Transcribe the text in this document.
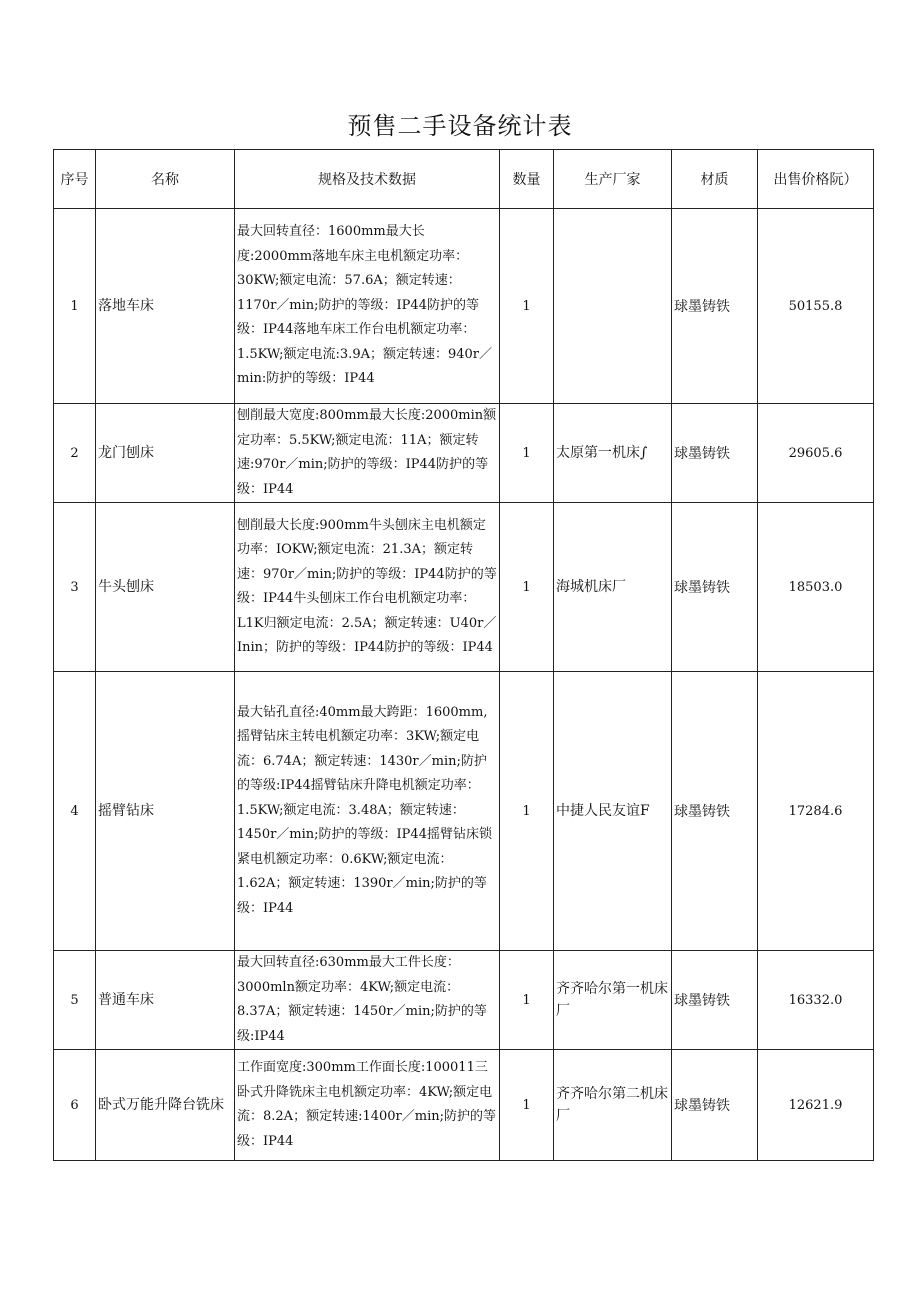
预售二手设备统计表
序号	名称	规格及技术数据	数量	生产厂家	材质	出售价格阮）
1	落地车床	最大回转直径：1600mm最大长度:2000mm落地车床主电机额定功率：30KW;额定电流：57.6A；额定转速：1170r／min;防护的等级：IP44防护的等级：IP44落地车床工作台电机额定功率：1.5KW;额定电流:3.9A；额定转速：940r／min:防护的等级：IP44	1		球墨铸铁	50155.8
2	龙门刨床	刨削最大宽度:800mm最大长度:2000min额定功率：5.5KW;额定电流：11A；额定转速:970r／min;防护的等级：IP44防护的等级：IP44	1	太原第一机床∫	球墨铸铁	29605.6
3	牛头刨床	刨削最大长度:900mm牛头刨床主电机额定功率：IOKW;额定电流：21.3A；额定转速：970r／min;防护的等级：IP44防护的等级：IP44牛头刨床工作台电机额定功率：L1K归额定电流：2.5A；额定转速：U40r／Inin；防护的等级：IP44防护的等级：IP44	1	海城机床厂	球墨铸铁	18503.0
4	摇臂钻床	最大钻孔直径:40mm最大跨距：1600mm,摇臂钻床主转电机额定功率：3KW;额定电流：6.74A；额定转速：1430r／min;防护的等级:IP44摇臂钻床升降电机额定功率：1.5KW;额定电流：3.48A；额定转速：1450r／min;防护的等级：IP44摇臂钻床锁紧电机额定功率：0.6KW;额定电流：1.62A；额定转速：1390r／min;防护的等级：IP44	1	中捷人民友谊F	球墨铸铁	17284.6
5	普通车床	最大回转直径:630mm最大工件长度：3000mln额定功率：4KW;额定电流：8.37A；额定转速：1450r／min;防护的等级:IP44	1	齐齐哈尔第一机床厂	球墨铸铁	16332.0
6	卧式万能升降台铣床	工作面宽度:300mm工作面长度:100011三卧式升降铣床主电机额定功率：4KW;额定电流：8.2A；额定转速:1400r／min;防护的等级：IP44	1	齐齐哈尔第二机床厂	球墨铸铁	12621.9
